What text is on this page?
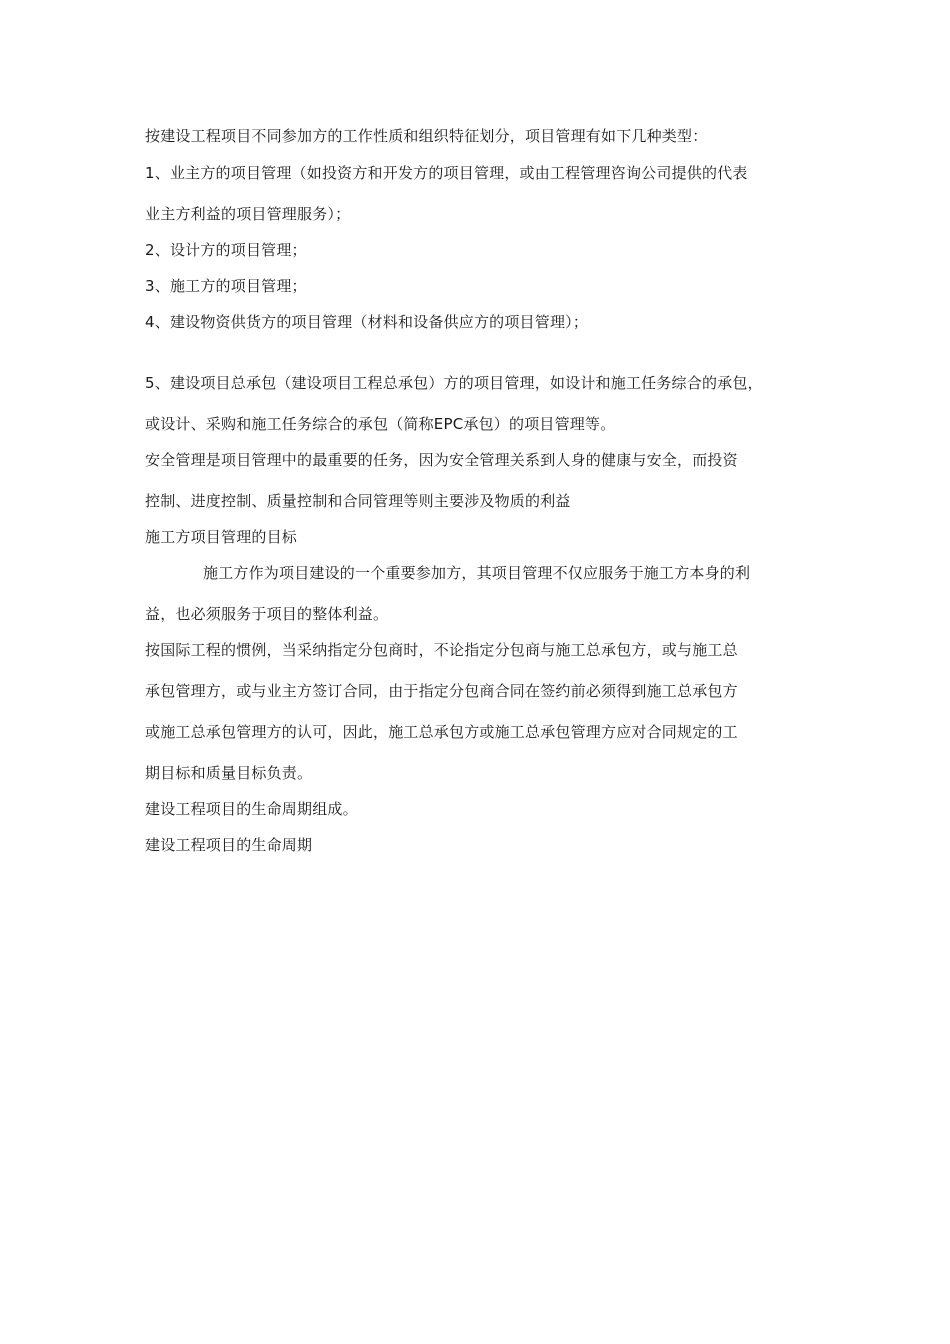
按建设工程项目不同参加方的工作性质和组织特征划分，项目管理有如下几种类型：
1、业主方的项目管理（如投资方和开发方的项目管理，或由工程管理咨询公司提供的代表
业主方利益的项目管理服务）；
2、设计方的项目管理；
3、施工方的项目管理；
4、建设物资供货方的项目管理（材料和设备供应方的项目管理）；
5、建设项目总承包（建设项目工程总承包）方的项目管理，如设计和施工任务综合的承包，
或设计、采购和施工任务综合的承包（简称EPC承包）的项目管理等。
安全管理是项目管理中的最重要的任务，因为安全管理关系到人身的健康与安全，而投资
控制、进度控制、质量控制和合同管理等则主要涉及物质的利益
施工方项目管理的目标
施工方作为项目建设的一个重要参加方，其项目管理不仅应服务于施工方本身的利
益，也必须服务于项目的整体利益。
按国际工程的惯例，当采纳指定分包商时，不论指定分包商与施工总承包方，或与施工总
承包管理方，或与业主方签订合同，由于指定分包商合同在签约前必须得到施工总承包方
或施工总承包管理方的认可，因此，施工总承包方或施工总承包管理方应对合同规定的工
期目标和质量目标负责。
建设工程项目的生命周期组成。
建设工程项目的生命周期
